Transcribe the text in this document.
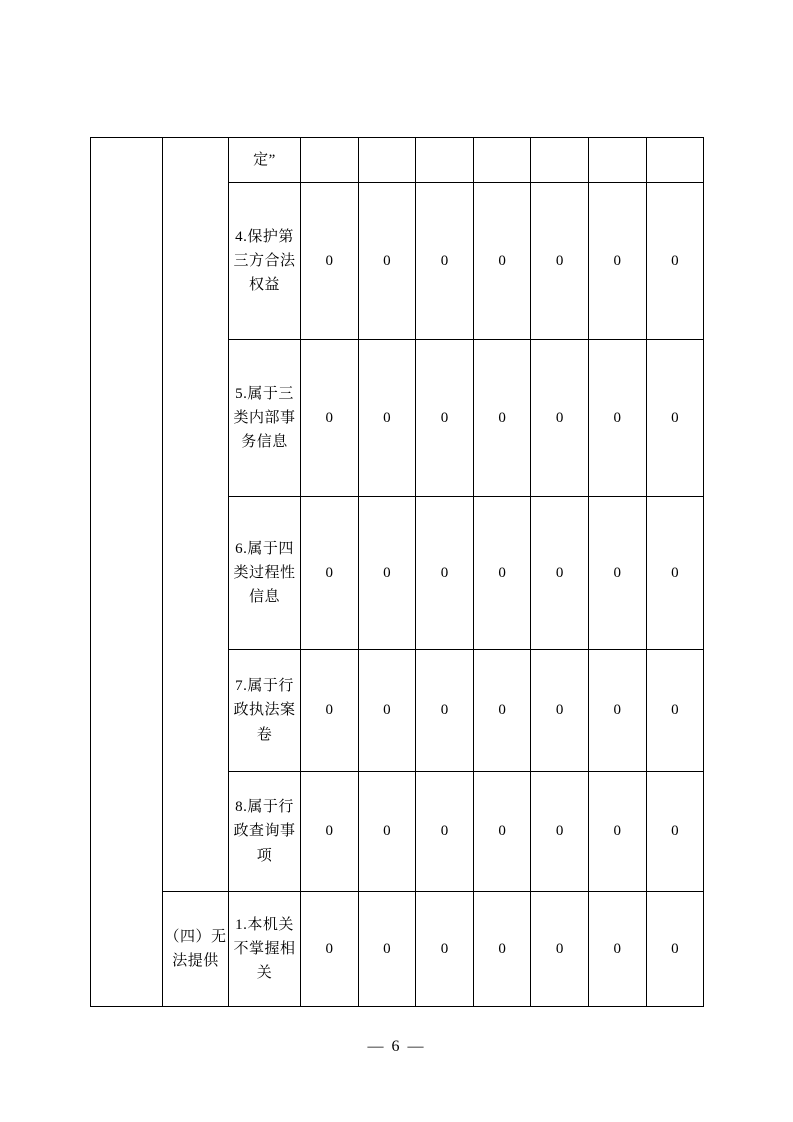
		定”							
		4.保护第三方合法权益	0	0	0	0	0	0	0
		5.属于三类内部事务信息	0	0	0	0	0	0	0
		6.属于四类过程性信息	0	0	0	0	0	0	0
		7.属于行政执法案卷	0	0	0	0	0	0	0
		8.属于行政查询事项	0	0	0	0	0	0	0
	（四）无法提供	1.本机关不掌握相关	0	0	0	0	0	0	0
— 6 —
